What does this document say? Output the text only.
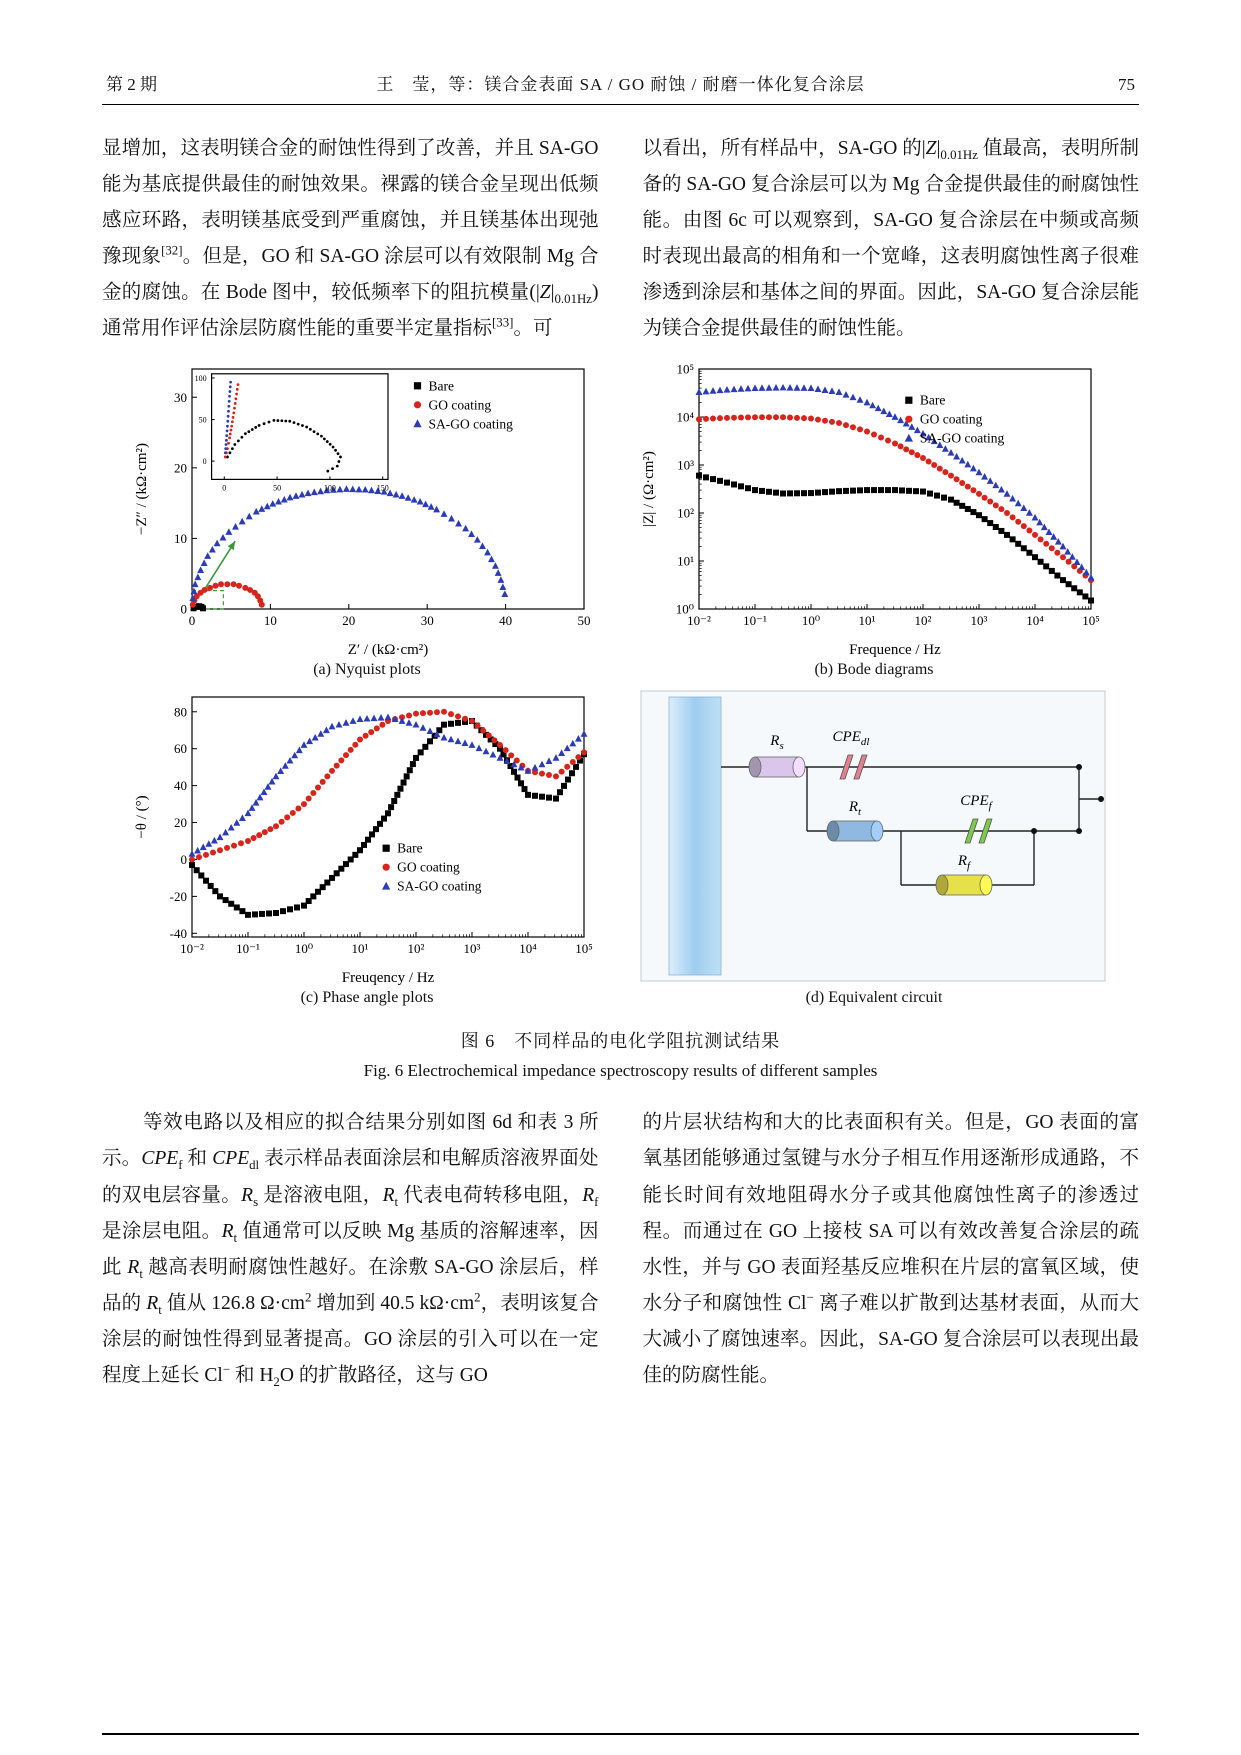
第 2 期	王　莹，等：镁合金表面 SA / GO 耐蚀 / 耐磨一体化复合涂层	75
显增加，这表明镁合金的耐蚀性得到了改善，并且 SA-GO 能为基底提供最佳的耐蚀效果。裸露的镁合金呈现出低频感应环路，表明镁基底受到严重腐蚀，并且镁基体出现弛豫现象[32]。但是，GO 和 SA-GO 涂层可以有效限制 Mg 合金的腐蚀。在 Bode 图中，较低频率下的阻抗模量$(|Z|_{0.01Hz})$通常用作评估涂层防腐性能的重要半定量指标[33]。可
以看出，所有样品中，SA-GO 的$|Z|_{0.01Hz}$ 值最高，表明所制备的 SA-GO 复合涂层可以为 Mg 合金提供最佳的耐腐蚀性能。由图 6c 可以观察到，SA-GO 复合涂层在中频或高频时表现出最高的相角和一个宽峰，这表明腐蚀性离子很难渗透到涂层和基体之间的界面。因此，SA-GO 复合涂层能为镁合金提供最佳的耐蚀性能。
0	10	20	30	40	50
0
10
20
30
Z′ / (kΩ·cm²)
−Z″ / (kΩ·cm²)	0	50	100	150
0
50
100
Bare
GO coating
SA-GO coating
(a) Nyquist plots
10⁻² 10⁻¹	10⁰	10¹	10²	10³	10⁴	10⁵
10⁰
10¹
10²
10³
10⁴
10⁵
Frequence / Hz
|Z| / (Ω·cm²)
Bare
GO coating
SA-GO coating
(b) Bode diagrams
10⁻² 10⁻¹	10⁰	10¹	10²	10³	10⁴	10⁵
-40
-20
0
20
40
60
80
Freuqency / Hz
−θ / (°)
Bare
GO coating
SA-GO coating
(c) Phase angle plots
$R_s$
$CPE_{dl}$
$R_t$
$CPE_f$
$R_f$
(d) Equivalent circuit
图 6　不同样品的电化学阻抗测试结果
Fig. 6 Electrochemical impedance spectroscopy results of different samples
等效电路以及相应的拟合结果分别如图 6d 和表 3 所示。$CPE_f$ 和 $CPE_{dl}$ 表示样品表面涂层和电解质溶液界面处的双电层容量。$R_s$ 是溶液电阻，$R_t$ 代表电荷转移电阻，$R_f$ 是涂层电阻。$R_t$ 值通常可以反映 Mg 基质的溶解速率，因此 $R_t$ 越高表明耐腐蚀性越好。在涂敷 SA-GO 涂层后，样品的 $R_t$ 值从 126.8 $\Omega\cdot cm^2$ 增加到 40.5 $k\Omega\cdot cm^2$，表明该复合涂层的耐蚀性得到显著提高。GO 涂层的引入可以在一定程度上延长 Cl− 和 $H_2O$ 的扩散路径，这与 GO
的片层状结构和大的比表面积有关。但是，GO 表面的富氧基团能够通过氢键与水分子相互作用逐渐形成通路，不能长时间有效地阻碍水分子或其他腐蚀性离子的渗透过程。而通过在 GO 上接枝 SA 可以有效改善复合涂层的疏水性，并与 GO 表面羟基反应堆积在片层的富氧区域，使水分子和腐蚀性 Cl− 离子难以扩散到达基材表面，从而大大减小了腐蚀速率。因此，SA-GO 复合涂层可以表现出最佳的防腐性能。
